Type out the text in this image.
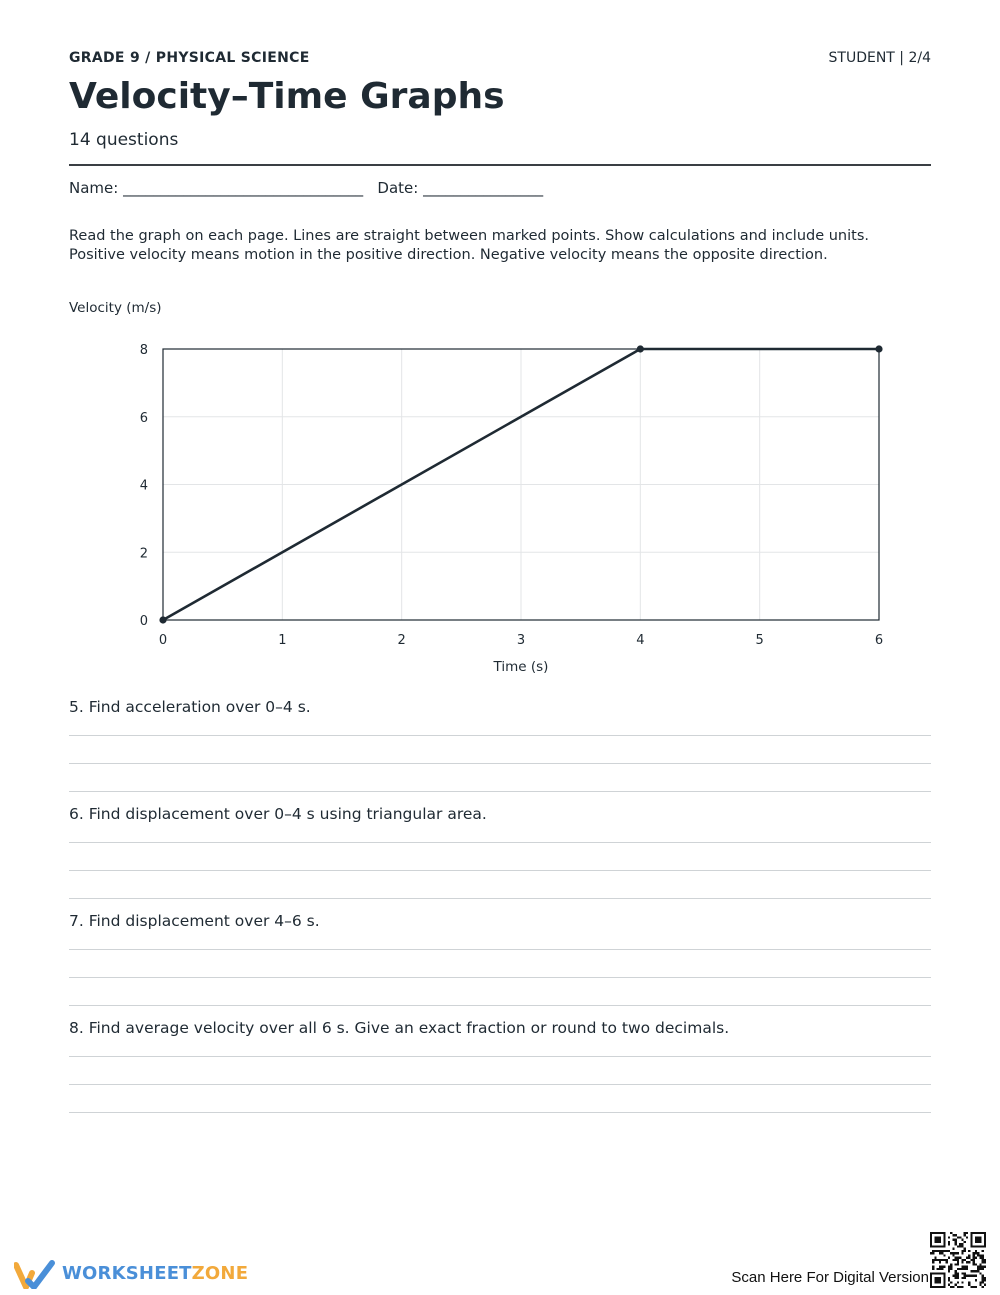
GRADE 9 / PHYSICAL SCIENCE	STUDENT | 2/4
Velocity–Time Graphs
14 questions
Name: ________________________________ Date: ________________
Read the graph on each page. Lines are straight between marked points. Show calculations and include units.
Positive velocity means motion in the positive direction. Negative velocity means the opposite direction.
Velocity (m/s)
0	1	2	3	4	5	6
0
2
4
6
8
Time (s)
5. Find acceleration over 0–4 s.
6. Find displacement over 0–4 s using triangular area.
7. Find displacement over 4–6 s.
8. Find average velocity over all 6 s. Give an exact fraction or round to two decimals.
WORKSHEETZONE	Scan Here For Digital Version
